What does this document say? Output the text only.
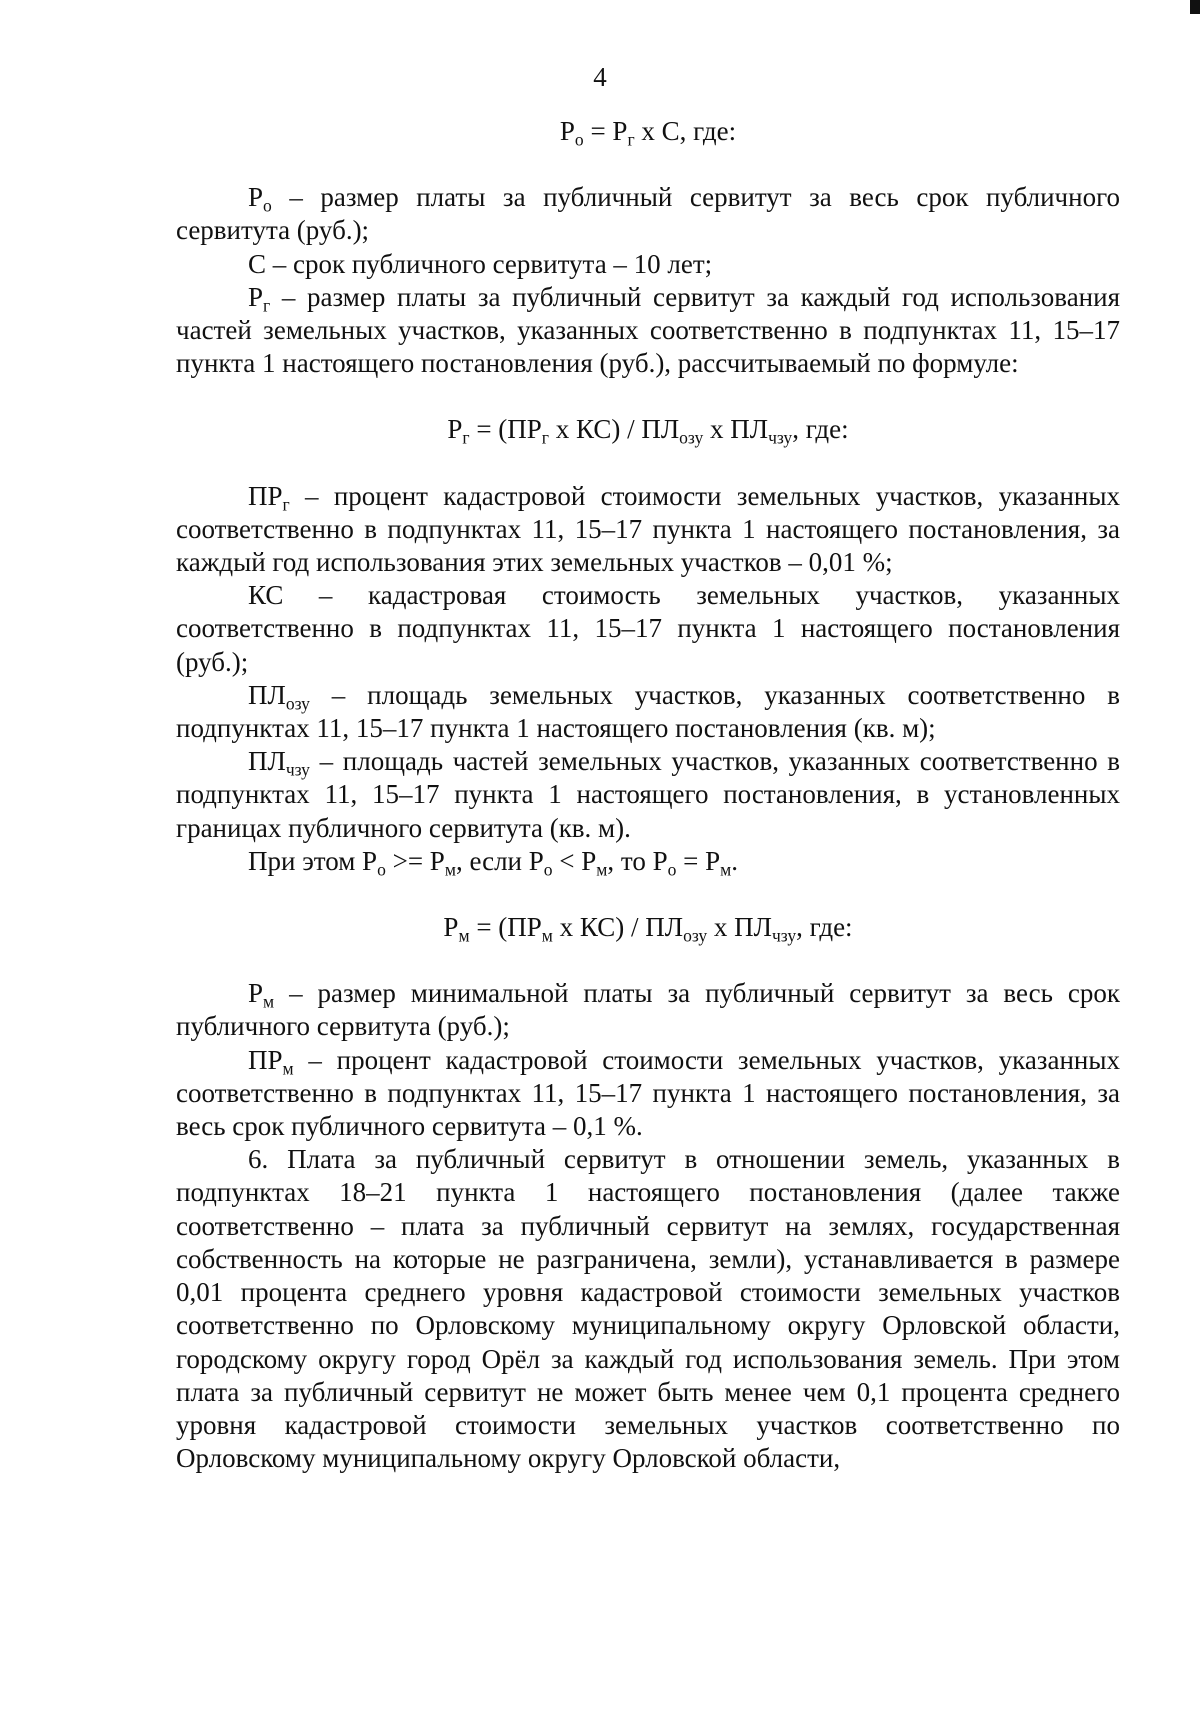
4

$Р_о = Р_г$ х С, где:

$Р_о$ – размер платы за публичный сервитут за весь срок публичного сервитута (руб.);

С – срок публичного сервитута – 10 лет;

$Р_г$ – размер платы за публичный сервитут за каждый год использования частей земельных участков, указанных соответственно в подпунктах 11, 15–17 пункта 1 настоящего постановления (руб.), рассчитываемый по формуле:

$Р_г = (ПР_г$ х $КС) / ПЛ_{озу}$ х $ПЛ_{чзу}$, где:

$ПР_г$ – процент кадастровой стоимости земельных участков, указанных соответственно в подпунктах 11, 15–17 пункта 1 настоящего постановления, за каждый год использования этих земельных участков – 0,01 %;

КС – кадастровая стоимость земельных участков, указанных соответственно в подпунктах 11, 15–17 пункта 1 настоящего постановления (руб.);

$ПЛ_{озу}$ – площадь земельных участков, указанных соответственно в подпунктах 11, 15–17 пункта 1 настоящего постановления (кв. м);

$ПЛ_{чзу}$ – площадь частей земельных участков, указанных соответственно в подпунктах 11, 15–17 пункта 1 настоящего постановления, в установленных границах публичного сервитута (кв. м).

При этом $Р_о >= Р_м$, если $Р_о < Р_м$, то $Р_о = Р_м$.

$Р_м = (ПР_м$ х $КС) / ПЛ_{озу}$ х $ПЛ_{чзу}$, где:

$Р_м$ – размер минимальной платы за публичный сервитут за весь срок публичного сервитута (руб.);

$ПР_м$ – процент кадастровой стоимости земельных участков, указанных соответственно в подпунктах 11, 15–17 пункта 1 настоящего постановления, за весь срок публичного сервитута – 0,1 %.

6. Плата за публичный сервитут в отношении земель, указанных в подпунктах 18–21 пункта 1 настоящего постановления (далее также соответственно – плата за публичный сервитут на землях, государственная собственность на которые не разграничена, земли), устанавливается в размере 0,01 процента среднего уровня кадастровой стоимости земельных участков соответственно по Орловскому муниципальному округу Орловской области, городскому округу город Орёл за каждый год использования земель. При этом плата за публичный сервитут не может быть менее чем 0,1 процента среднего уровня кадастровой стоимости земельных участков соответственно по Орловскому муниципальному округу Орловской области,
